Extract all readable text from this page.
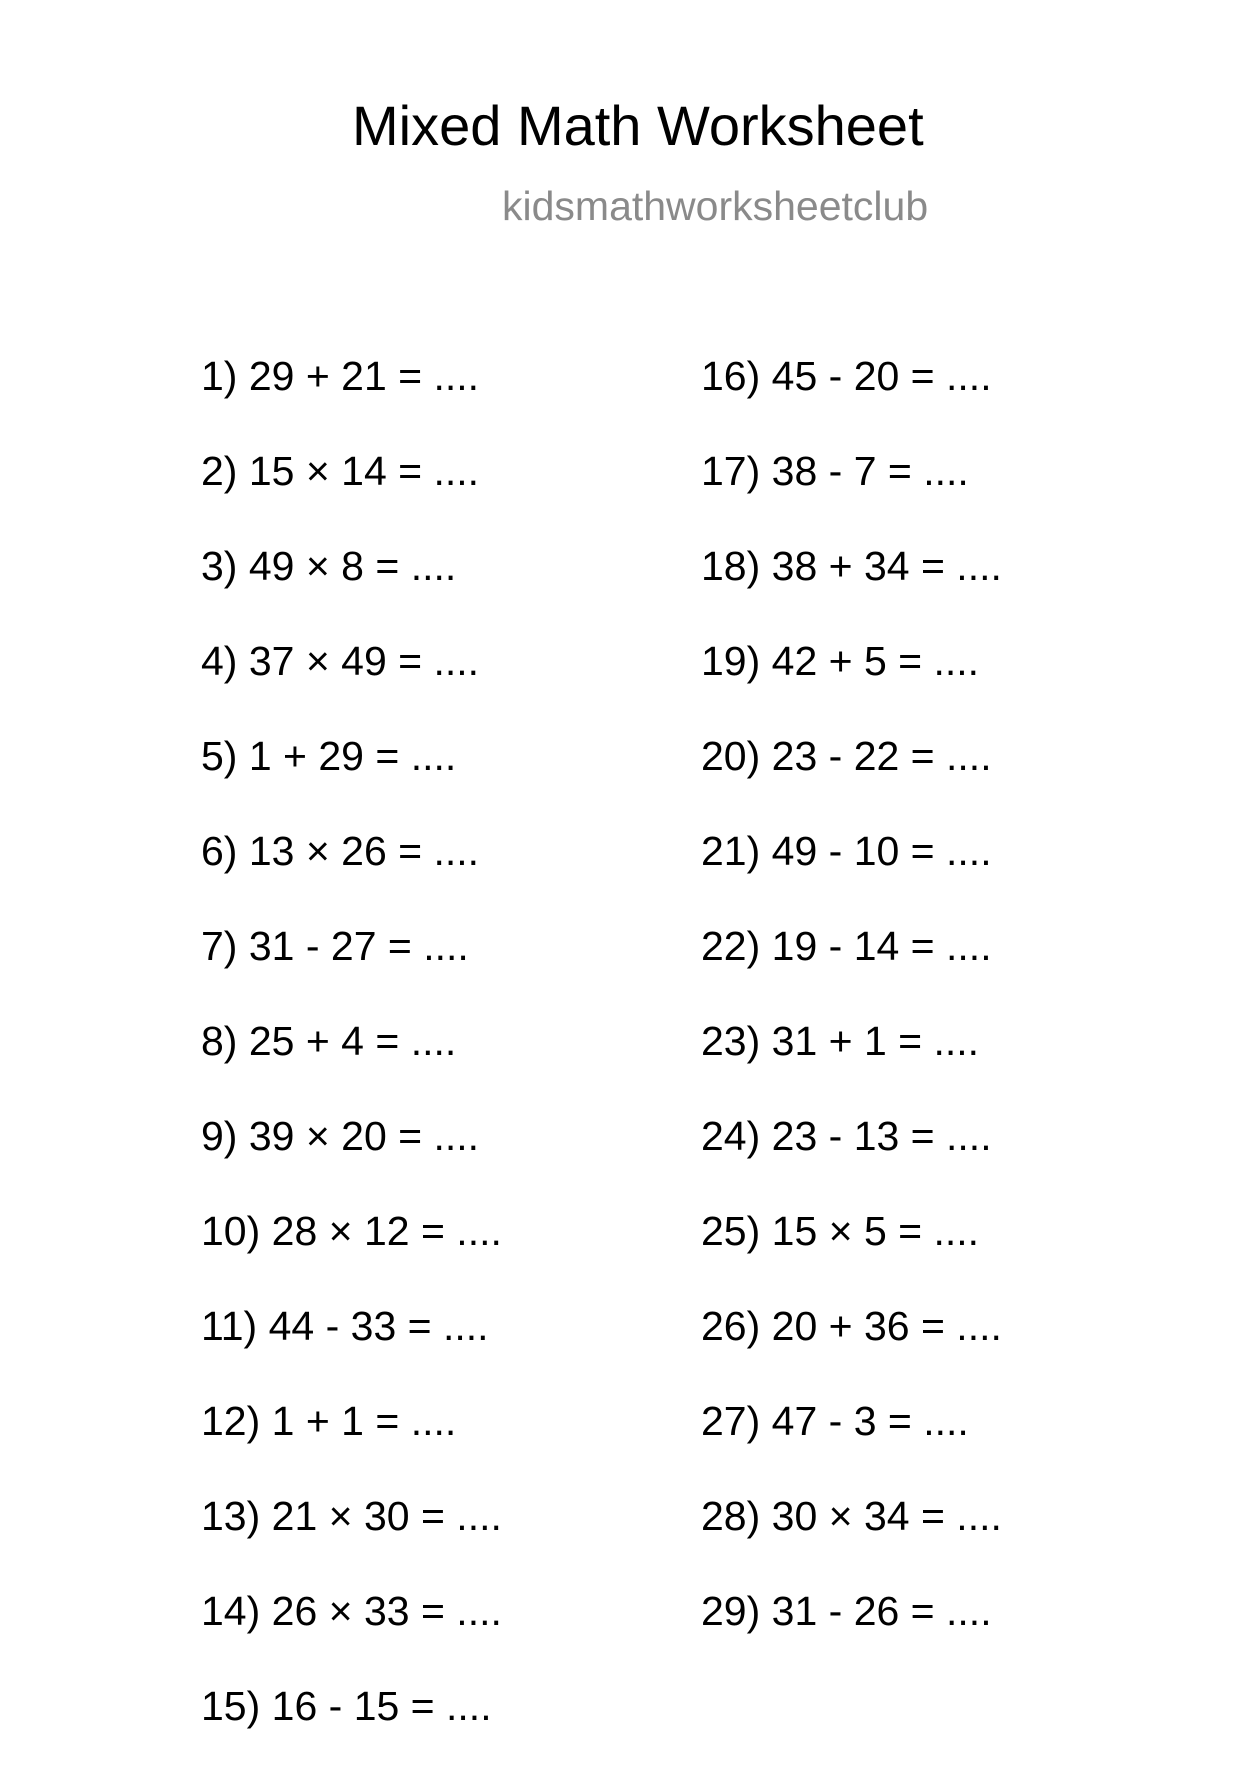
Mixed Math Worksheet
kidsmathworksheetclub
1) 29 + 21 = ....
2) 15 × 14 = ....
3) 49 × 8 = ....
4) 37 × 49 = ....
5) 1 + 29 = ....
6) 13 × 26 = ....
7) 31 - 27 = ....
8) 25 + 4 = ....
9) 39 × 20 = ....
10) 28 × 12 = ....
11) 44 - 33 = ....
12) 1 + 1 = ....
13) 21 × 30 = ....
14) 26 × 33 = ....
15) 16 - 15 = ....
16) 45 - 20 = ....
17) 38 - 7 = ....
18) 38 + 34 = ....
19) 42 + 5 = ....
20) 23 - 22 = ....
21) 49 - 10 = ....
22) 19 - 14 = ....
23) 31 + 1 = ....
24) 23 - 13 = ....
25) 15 × 5 = ....
26) 20 + 36 = ....
27) 47 - 3 = ....
28) 30 × 34 = ....
29) 31 - 26 = ....
